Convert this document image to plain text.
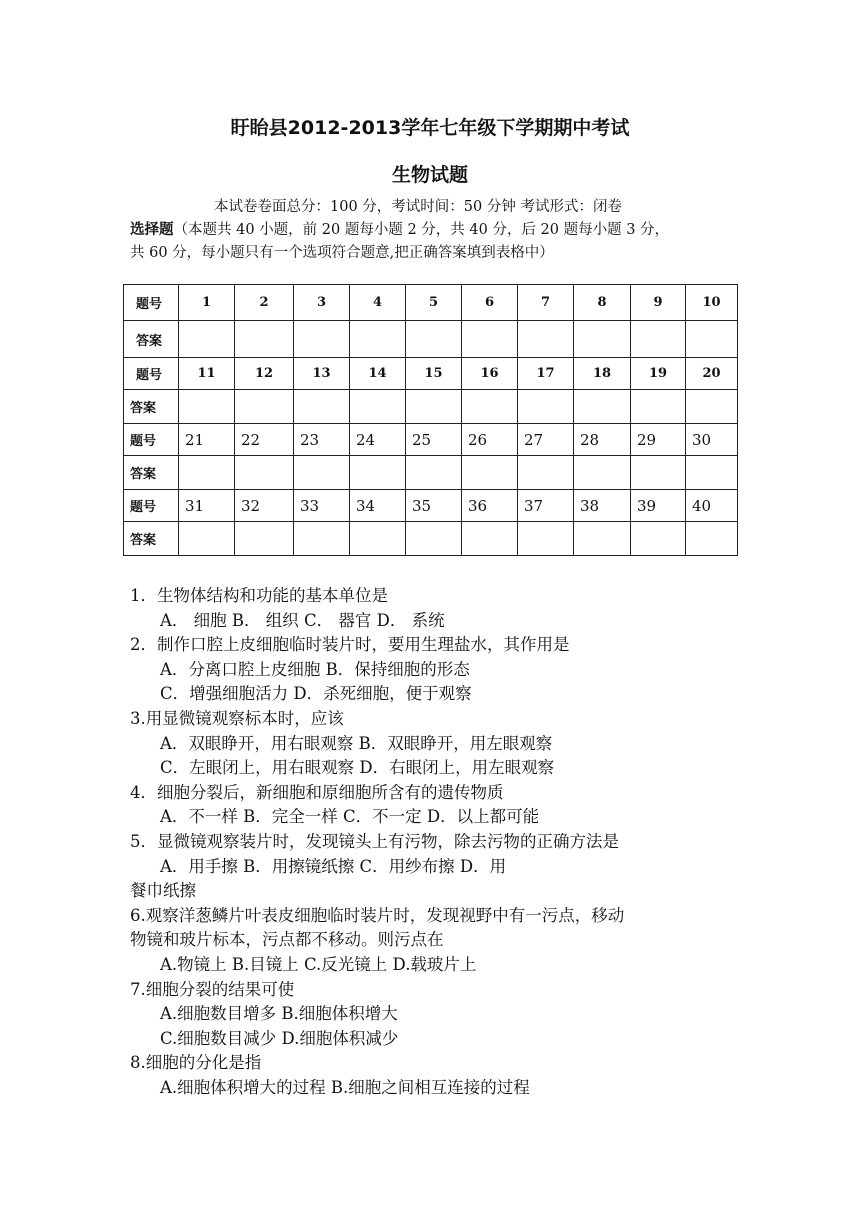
盱眙县2012-2013学年七年级下学期期中考试
生物试题
本试卷卷面总分：100 分，考试时间：50 分钟 考试形式：闭卷
选择题（本题共 40 小题，前 20 题每小题 2 分，共 40 分，后 20 题每小题 3 分，
共 60 分，每小题只有一个选项符合题意,把正确答案填到表格中）
题号	1	2	3	4	5	6	7	8	9	10
答案										
题号	11	12	13	14	15	16	17	18	19	20
答案										
题号	21	22	23	24	25	26	27	28	29	30
答案										
题号	31	32	33	34	35	36	37	38	39	40
答案										
1．生物体结构和功能的基本单位是
A． 细胞 B． 组织 C． 器官 D． 系统
2．制作口腔上皮细胞临时装片时，要用生理盐水，其作用是
A．分离口腔上皮细胞 B．保持细胞的形态
C．增强细胞活力 D．杀死细胞，便于观察
3.用显微镜观察标本时，应该
A．双眼睁开，用右眼观察 B．双眼睁开，用左眼观察
C．左眼闭上，用右眼观察 D．右眼闭上，用左眼观察
4．细胞分裂后，新细胞和原细胞所含有的遗传物质
A．不一样 B．完全一样 C．不一定 D．以上都可能
5．显微镜观察装片时，发现镜头上有污物，除去污物的正确方法是
A．用手擦 B．用擦镜纸擦 C．用纱布擦 D．用
餐巾纸擦
6.观察洋葱鳞片叶表皮细胞临时装片时，发现视野中有一污点，移动
物镜和玻片标本，污点都不移动。则污点在
A.物镜上 B.目镜上 C.反光镜上 D.载玻片上
7.细胞分裂的结果可使
A.细胞数目增多 B.细胞体积增大
C.细胞数目减少 D.细胞体积减少
8.细胞的分化是指
A.细胞体积增大的过程 B.细胞之间相互连接的过程
